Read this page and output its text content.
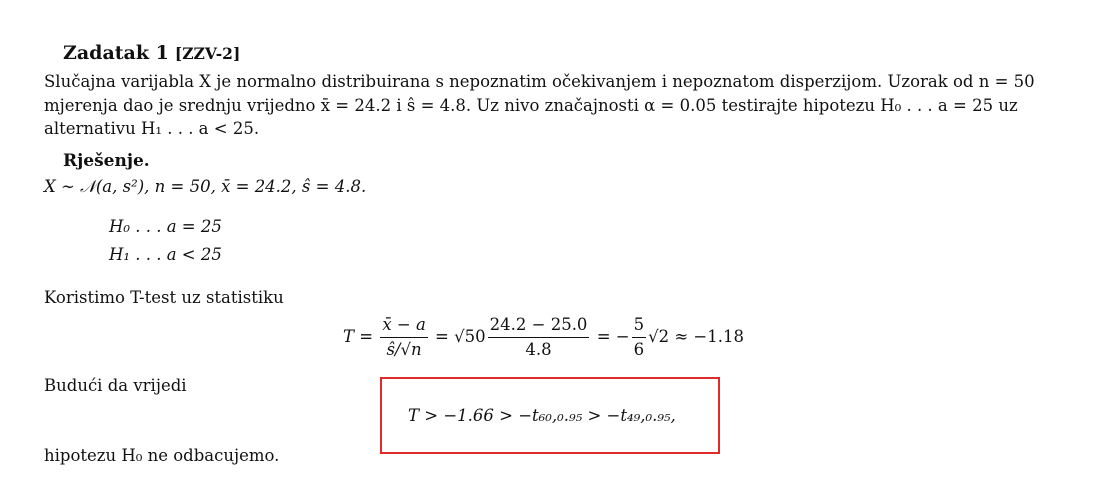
Zadatak 1 [ZZV-2]
Slučajna varijabla X je normalno distribuirana s nepoznatim očekivanjem i nepoznatom disperzijom. Uzorak od n = 50
mjerenja dao je srednju vrijedno x̄ = 24.2 i ŝ = 4.8. Uz nivo značajnosti α = 0.05 testirajte hipotezu H₀ . . . a = 25 uz
alternativu H₁ . . . a < 25.
Rješenje.
X ∼ 𝒩(a, s²), n = 50, x̄ = 24.2, ŝ = 4.8.
H₀ . . . a = 25
H₁ . . . a < 25
Koristimo T-test uz statistiku
$T = \frac{x̄ - a}{ŝ/√n} = √50 \frac{24.2 - 25.0}{4.8}$ = − $\frac{5}{6} √2 \approx -1.18$
Budući da vrijedi
T > −1.66 > −t₆₀,₀.₉₅ > −t₄₉,₀.₉₅,
hipotezu H₀ ne odbacujemo.
